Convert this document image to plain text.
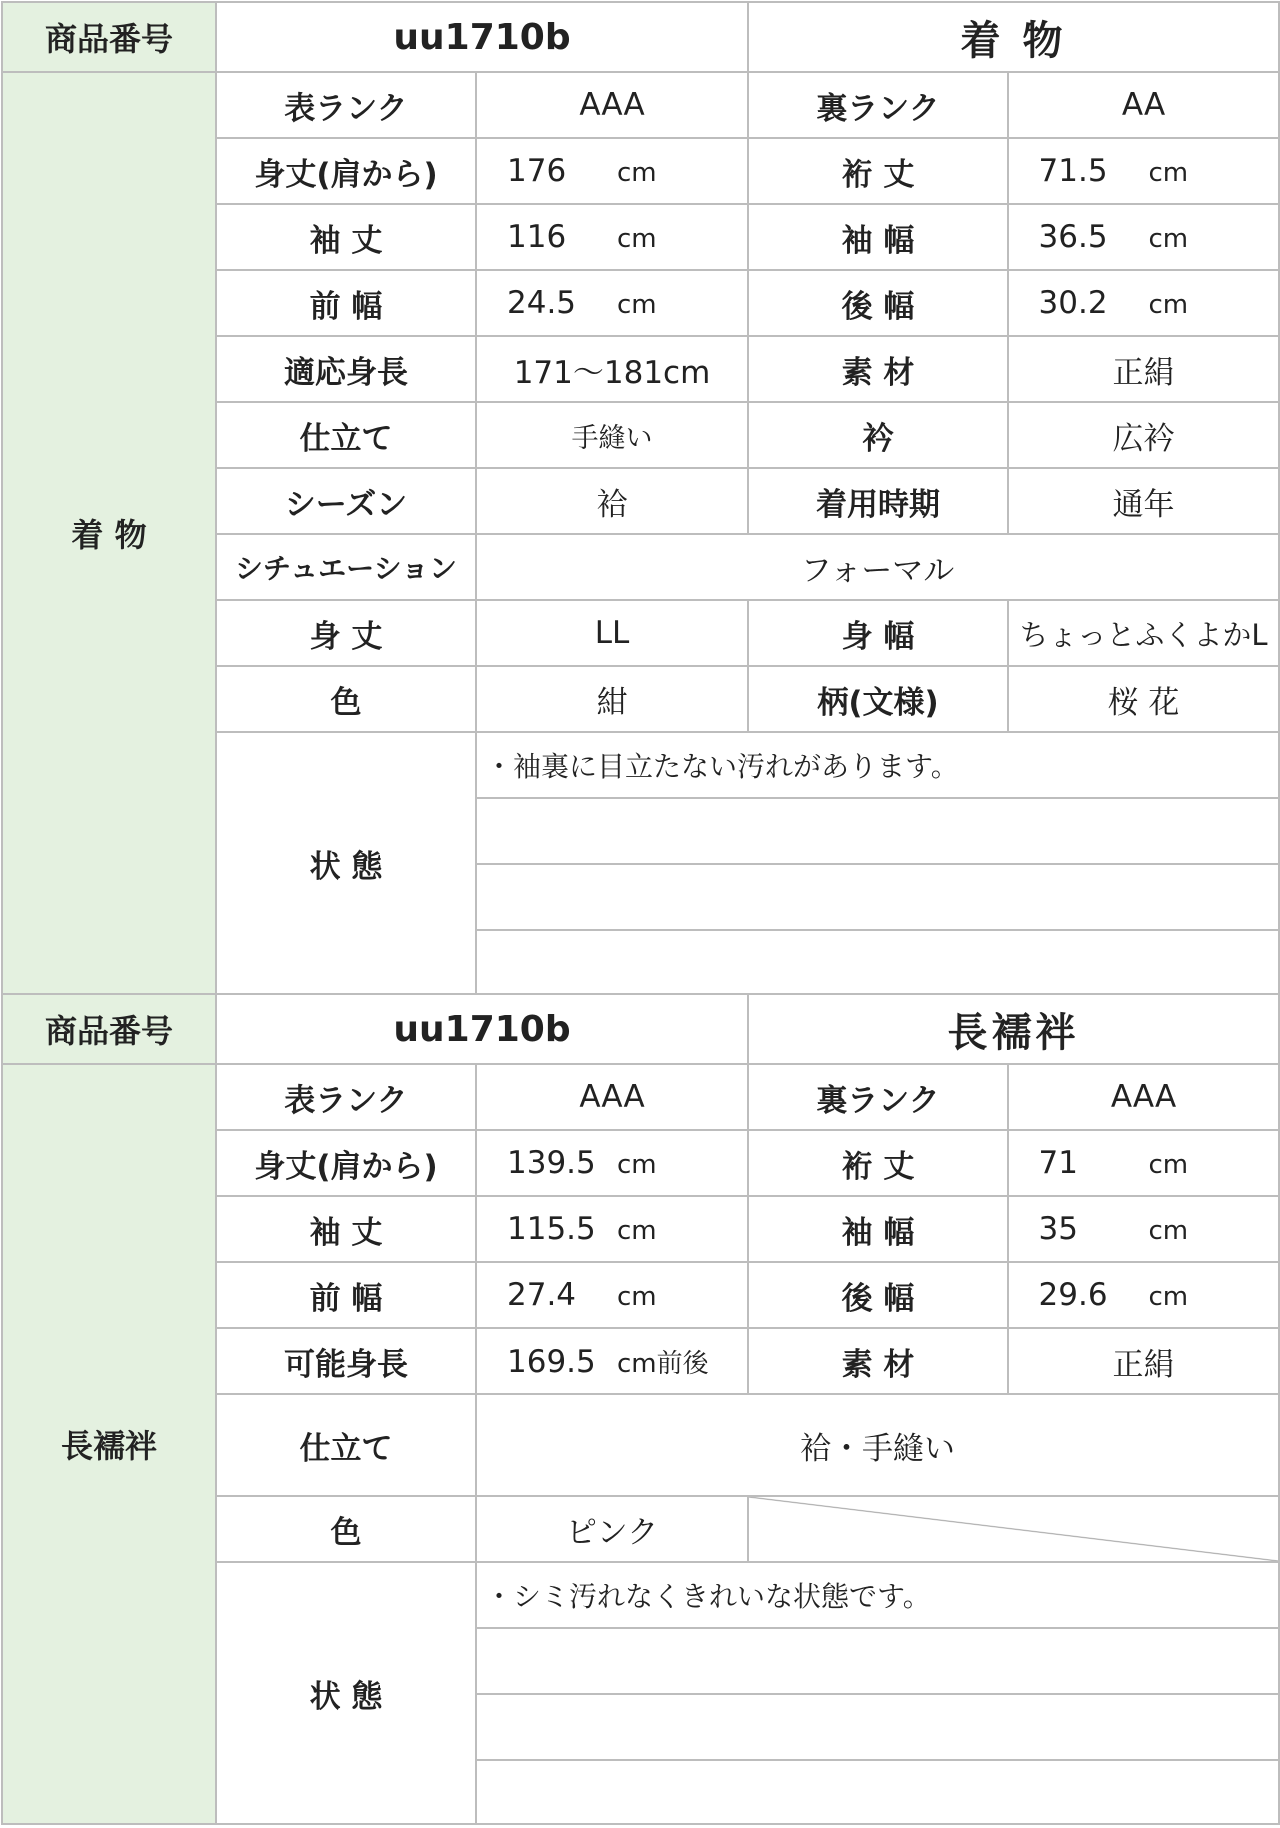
商品番号	uu1710b		着 物	
着 物	表ランク	AAA	裏ランク	AA
	身丈(肩から)	176 cm	裄 丈	71.5 cm
	袖 丈	116 cm	袖 幅	36.5 cm
	前 幅	24.5 cm	後 幅	30.2 cm
	適応身長	171〜181cm	素 材	正絹
	仕立て	手縫い	衿	広衿
	シーズン	袷	着用時期	通年
	シチュエーション	フォーマル		
	身 丈	LL	身 幅	ちょっとふくよかL
	色	紺	柄(文様)	桜 花
	状 態	・袖裏に目立たない汚れがあります。		

商品番号	uu1710b		長襦袢	
長襦袢	表ランク	AAA	裏ランク	AAA
	身丈(肩から)	139.5 cm	裄 丈	71 cm
	袖 丈	115.5 cm	袖 幅	35 cm
	前 幅	27.4 cm	後 幅	29.6 cm
	可能身長	169.5 cm前後	素 材	正絹
	仕立て	袷・手縫い		
	色	ピンク		
	状 態	・シミ汚れなくきれいな状態です。		
